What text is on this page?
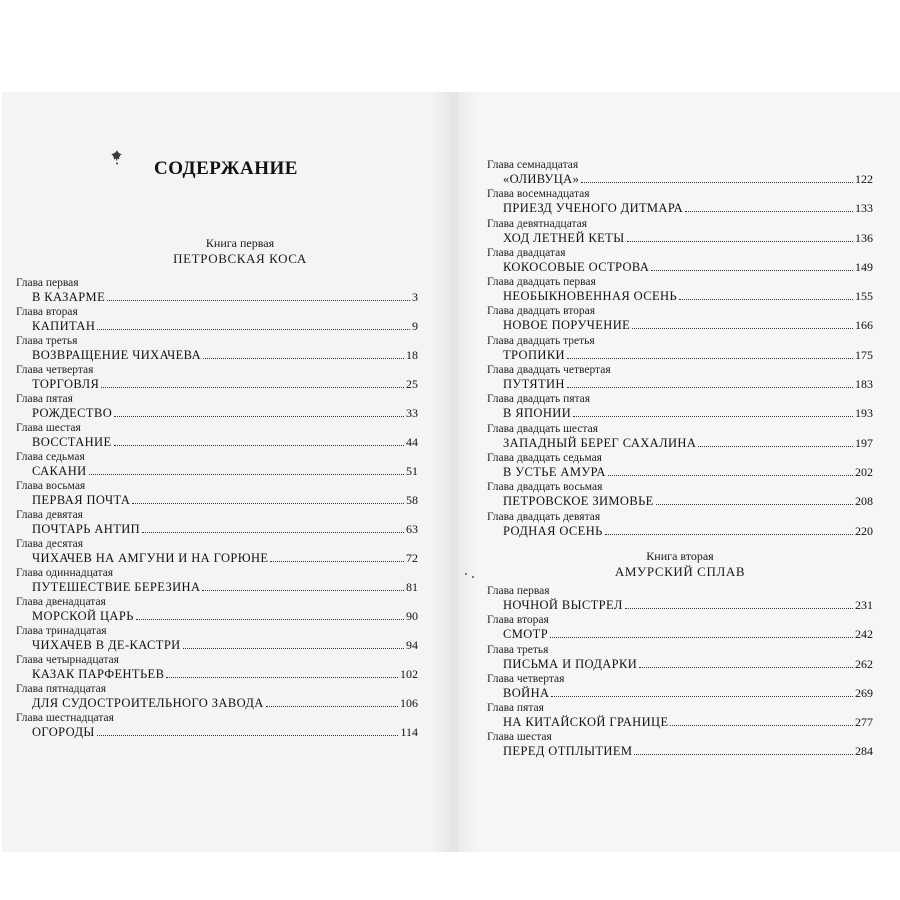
СОДЕРЖАНИЕ
Книга первая
ПЕТРОВСКАЯ КОСА
Глава первая
В КАЗАРМЕ	3
Глава вторая
КАПИТАН	9
Глава третья
ВОЗВРАЩЕНИЕ ЧИХАЧЕВА	18
Глава четвертая
ТОРГОВЛЯ	25
Глава пятая
РОЖДЕСТВО	33
Глава шестая
ВОССТАНИЕ	44
Глава седьмая
САКАНИ	51
Глава восьмая
ПЕРВАЯ ПОЧТА	58
Глава девятая
ПОЧТАРЬ АНТИП	63
Глава десятая
ЧИХАЧЕВ НА АМГУНИ И НА ГОРЮНЕ	72
Глава одиннадцатая
ПУТЕШЕСТВИЕ БЕРЕЗИНА	81
Глава двенадцатая
МОРСКОЙ ЦАРЬ	90
Глава тринадцатая
ЧИХАЧЕВ В ДЕ-КАСТРИ	94
Глава четырнадцатая
КАЗАК ПАРФЕНТЬЕВ	102
Глава пятнадцатая
ДЛЯ СУДОСТРОИТЕЛЬНОГО ЗАВОДА	106
Глава шестнадцатая
ОГОРОДЫ	114
Глава семнадцатая
«ОЛИВУЦА»	122
Глава восемнадцатая
ПРИЕЗД УЧЕНОГО ДИТМАРА	133
Глава девятнадцатая
ХОД ЛЕТНЕЙ КЕТЫ	136
Глава двадцатая
КОКОСОВЫЕ ОСТРОВА	149
Глава двадцать первая
НЕОБЫКНОВЕННАЯ ОСЕНЬ	155
Глава двадцать вторая
НОВОЕ ПОРУЧЕНИЕ	166
Глава двадцать третья
ТРОПИКИ	175
Глава двадцать четвертая
ПУТЯТИН	183
Глава двадцать пятая
В ЯПОНИИ	193
Глава двадцать шестая
ЗАПАДНЫЙ БЕРЕГ САХАЛИНА	197
Глава двадцать седьмая
В УСТЬЕ АМУРА	202
Глава двадцать восьмая
ПЕТРОВСКОЕ ЗИМОВЬЕ	208
Глава двадцать девятая
РОДНАЯ ОСЕНЬ	220
Книга вторая
АМУРСКИЙ СПЛАВ
Глава первая
НОЧНОЙ ВЫСТРЕЛ	231
Глава вторая
СМОТР	242
Глава третья
ПИСЬМА И ПОДАРКИ	262
Глава четвертая
ВОЙНА	269
Глава пятая
НА КИТАЙСКОЙ ГРАНИЦЕ	277
Глава шестая
ПЕРЕД ОТПЛЫТИЕМ	284
